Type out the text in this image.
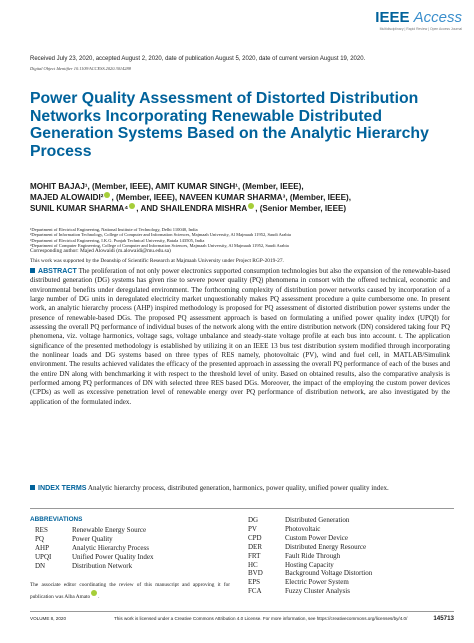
IEEE Access
Multidisciplinary | Rapid Review | Open Access Journal
Received July 23, 2020, accepted August 2, 2020, date of publication August 5, 2020, date of current version August 19, 2020.
Digital Object Identifier 10.1109/ACCESS.2020.3014288
Power Quality Assessment of Distorted Distribution Networks Incorporating Renewable Distributed Generation Systems Based on the Analytic Hierarchy Process
MOHIT BAJAJ¹, (Member, IEEE), AMIT KUMAR SINGH¹, (Member, IEEE),
MAJED ALOWAIDI² , (Member, IEEE), NAVEEN KUMAR SHARMA³, (Member, IEEE),
SUNIL KUMAR SHARMA⁴ , AND SHAILENDRA MISHRA , (Senior Member, IEEE)
¹Department of Electrical Engineering, National Institute of Technology, Delhi 110040, India
²Department of Information Technology, College of Computer and Information Sciences, Majmaah University, Al Majmaah 11952, Saudi Arabia
³Department of Electrical Engineering, I.K.G. Punjab Technical University, Batala 143505, India
⁴Department of Computer Engineering, College of Computer and Information Sciences, Majmaah University, Al Majmaah 11952, Saudi Arabia
Corresponding author: Majed Alowaidi (m.alowaidi@mu.edu.sa)
This work was supported by the Deanship of Scientific Research at Majmaah University under Project RGP-2019-27.
ABSTRACT The proliferation of not only power electronics supported consumption technologies but also the expansion of the renewable-based distributed generation (DG) systems has given rise to severe power quality (PQ) phenomena in consort with the offered technical, economic and environmental benefits under deregulated environment. The forthcoming complexity of distribution power networks caused by incorporation of a large number of DG units in deregulated electricity market unquestionably makes PQ assessment procedure a quite cumbersome one. In present work, an analytic hierarchy process (AHP) inspired methodology is proposed for PQ assessment of distorted distribution power systems under the presence of renewable-based DGs. The proposed PQ assessment approach is based on formulating a unified power quality index (UPQI) for assessing the overall PQ performance of individual buses of the network along with the entire distribution network (DN) considered taking four PQ phenomena, viz. voltage harmonics, voltage sags, voltage unbalance and steady-state voltage profile at each bus into account. t. The application significance of the presented methodology is established by utilizing it on an IEEE 13 bus test distribution system modified through incorporating the nonlinear loads and DG systems based on three types of RES namely, photovoltaic (PV), wind and fuel cell, in MATLAB/Simulink environment. The results achieved validates the efficacy of the presented approach in assessing the overall PQ performance of each of the buses and the entire DN along with benchmarking it with respect to the threshold level of unity. Based on obtained results, also the comparative analysis is performed among PQ performances of DN with selected three RES based DGs. Moreover, the impact of the employing the custom power devices (CPDs) as well as excessive penetration level of renewable energy over PQ performance of distribution network, are also investigated by the application of the formulated index.
INDEX TERMS Analytic hierarchy process, distributed generation, harmonics, power quality, unified power quality index.
ABBREVIATIONS
RES	Renewable Energy Source
PQ	Power Quality
AHP	Analytic Hierarchy Process
UPQI	Unified Power Quality Index
DN	Distribution Network
DG	Distributed Generation
PV	Photovoltaic
CPD	Custom Power Device
DER	Distributed Energy Resource
FRT	Fault Ride Through
HC	Hosting Capacity
BVD	Background Voltage Distortion
EPS	Electric Power System
FCA	Fuzzy Cluster Analysis
The associate editor coordinating the review of this manuscript and approving it for publication was Alba Amato .
VOLUME 8, 2020	This work is licensed under a Creative Commons Attribution 4.0 License. For more information, see https://creativecommons.org/licenses/by/4.0/	145713
